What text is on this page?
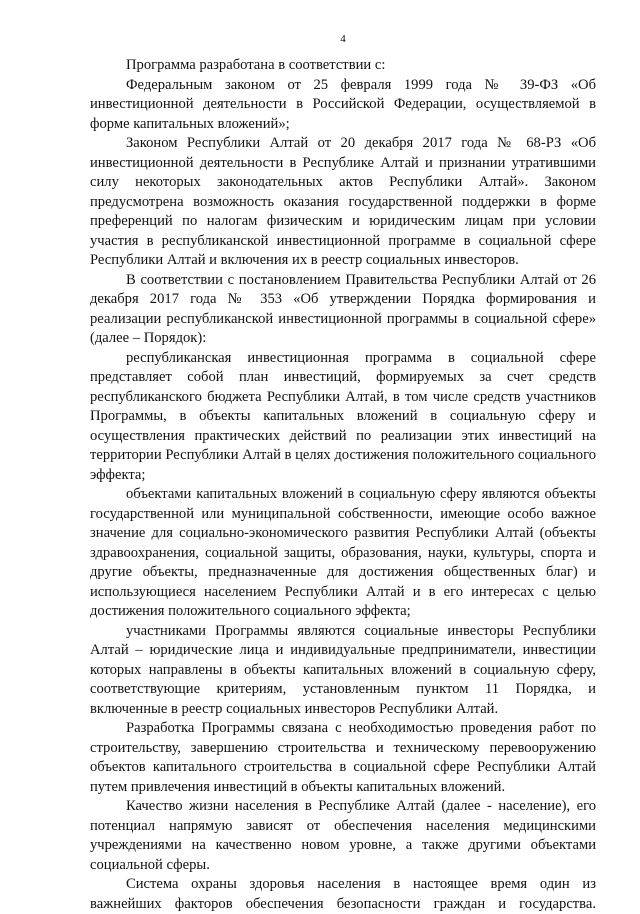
4

Программа разработана в соответствии с:

Федеральным законом от 25 февраля 1999 года № 39-ФЗ «Об инвестиционной деятельности в Российской Федерации, осуществляемой в форме капитальных вложений»;

Законом Республики Алтай от 20 декабря 2017 года № 68-РЗ «Об инвестиционной деятельности в Республике Алтай и признании утратившими силу некоторых законодательных актов Республики Алтай». Законом предусмотрена возможность оказания государственной поддержки в форме преференций по налогам физическим и юридическим лицам при условии участия в республиканской инвестиционной программе в социальной сфере Республики Алтай и включения их в реестр социальных инвесторов.

В соответствии с постановлением Правительства Республики Алтай от 26 декабря 2017 года № 353 «Об утверждении Порядка формирования и реализации республиканской инвестиционной программы в социальной сфере» (далее – Порядок):

республиканская инвестиционная программа в социальной сфере представляет собой план инвестиций, формируемых за счет средств республиканского бюджета Республики Алтай, в том числе средств участников Программы, в объекты капитальных вложений в социальную сферу и осуществления практических действий по реализации этих инвестиций на территории Республики Алтай в целях достижения положительного социального эффекта;

объектами капитальных вложений в социальную сферу являются объекты государственной или муниципальной собственности, имеющие особо важное значение для социально-экономического развития Республики Алтай (объекты здравоохранения, социальной защиты, образования, науки, культуры, спорта и другие объекты, предназначенные для достижения общественных благ) и использующиеся населением Республики Алтай и в его интересах с целью достижения положительного социального эффекта;

участниками Программы являются социальные инвесторы Республики Алтай – юридические лица и индивидуальные предприниматели, инвестиции которых направлены в объекты капитальных вложений в социальную сферу, соответствующие критериям, установленным пунктом 11 Порядка, и включенные в реестр социальных инвесторов Республики Алтай.

Разработка Программы связана с необходимостью проведения работ по строительству, завершению строительства и техническому перевооружению объектов капитального строительства в социальной сфере Республики Алтай путем привлечения инвестиций в объекты капитальных вложений.

Качество жизни населения в Республике Алтай (далее - население), его потенциал напрямую зависят от обеспечения населения медицинскими учреждениями на качественно новом уровне, а также другими объектами социальной сферы.

Система охраны здоровья населения в настоящее время один из важнейших факторов обеспечения безопасности граждан и государства.
